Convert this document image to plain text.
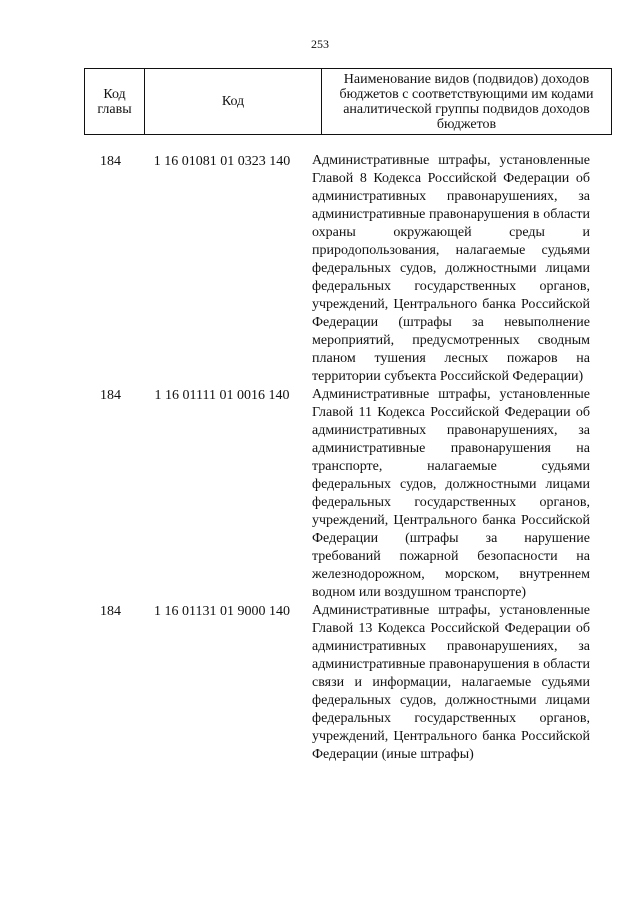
253
Код главы	Код	Наименование видов (подвидов) доходов бюджетов с соответствующими им кодами аналитической группы подвидов доходов бюджетов
184	1 16 01081 01 0323 140	Административные штрафы, установленные Главой 8 Кодекса Российской Федерации об административных правонарушениях, за административные правонарушения в области охраны окружающей среды и природопользования, налагаемые судьями федеральных судов, должностными лицами федеральных государственных органов, учреждений, Центрального банка Российской Федерации (штрафы за невыполнение мероприятий, предусмотренных сводным планом тушения лесных пожаров на территории субъекта Российской Федерации)
184	1 16 01111 01 0016 140	Административные штрафы, установленные Главой 11 Кодекса Российской Федерации об административных правонарушениях, за административные правонарушения на транспорте, налагаемые судьями федеральных судов, должностными лицами федеральных государственных органов, учреждений, Центрального банка Российской Федерации (штрафы за нарушение требований пожарной безопасности на железнодорожном, морском, внутреннем водном или воздушном транспорте)
184	1 16 01131 01 9000 140	Административные штрафы, установленные Главой 13 Кодекса Российской Федерации об административных правонарушениях, за административные правонарушения в области связи и информации, налагаемые судьями федеральных судов, должностными лицами федеральных государственных органов, учреждений, Центрального банка Российской Федерации (иные штрафы)
